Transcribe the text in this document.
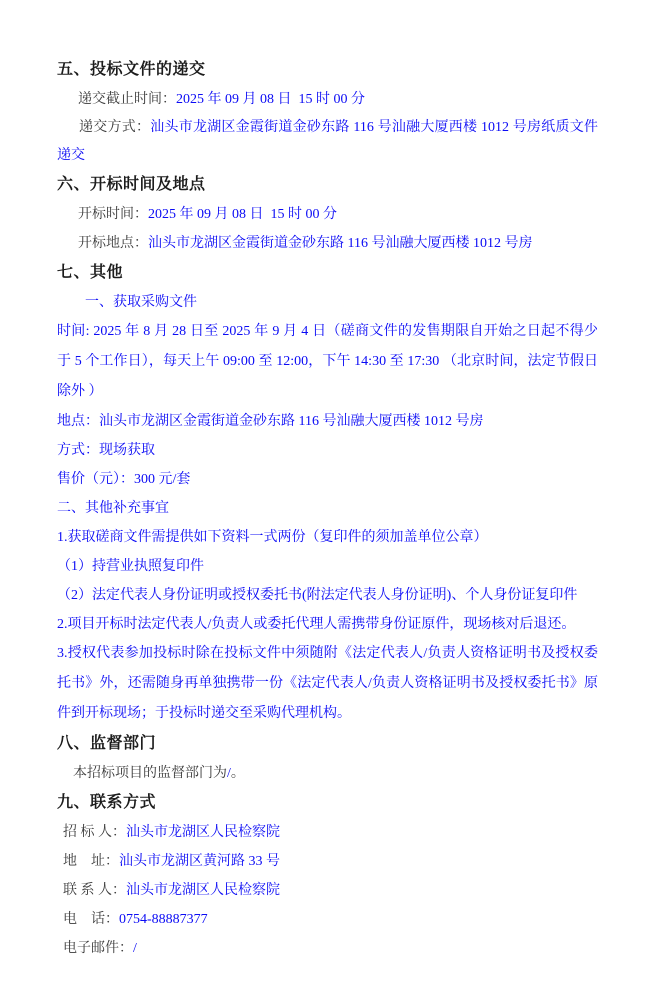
五、投标文件的递交

递交截止时间：2025 年 09 月 08 日  15 时 00 分

递交方式：汕头市龙湖区金霞街道金砂东路 116 号汕融大厦西楼 1012 号房纸质文件递交

六、开标时间及地点

开标时间：2025 年 09 月 08 日  15 时 00 分

开标地点：汕头市龙湖区金霞街道金砂东路 116 号汕融大厦西楼 1012 号房

七、其他

一、获取采购文件

时间: 2025 年 8 月 28 日至 2025 年 9 月 4 日（磋商文件的发售期限自开始之日起不得少于 5 个工作日），每天上午 09:00 至 12:00，下午 14:30 至 17:30 （北京时间，法定节假日除外 ）

地点：汕头市龙湖区金霞街道金砂东路 116 号汕融大厦西楼 1012 号房

方式：现场获取

售价（元）：300 元/套

二、其他补充事宜

1.获取磋商文件需提供如下资料一式两份（复印件的须加盖单位公章）

（1）持营业执照复印件

（2）法定代表人身份证明或授权委托书(附法定代表人身份证明)、个人身份证复印件

2.项目开标时法定代表人/负责人或委托代理人需携带身份证原件，现场核对后退还。

3.授权代表参加投标时除在投标文件中须随附《法定代表人/负责人资格证明书及授权委托书》外，还需随身再单独携带一份《法定代表人/负责人资格证明书及授权委托书》原件到开标现场；于投标时递交至采购代理机构。

八、监督部门

本招标项目的监督部门为/。

九、联系方式

招 标 人：汕头市龙湖区人民检察院

地    址：汕头市龙湖区黄河路 33 号

联 系 人：汕头市龙湖区人民检察院

电    话：0754-88887377

电子邮件：/
